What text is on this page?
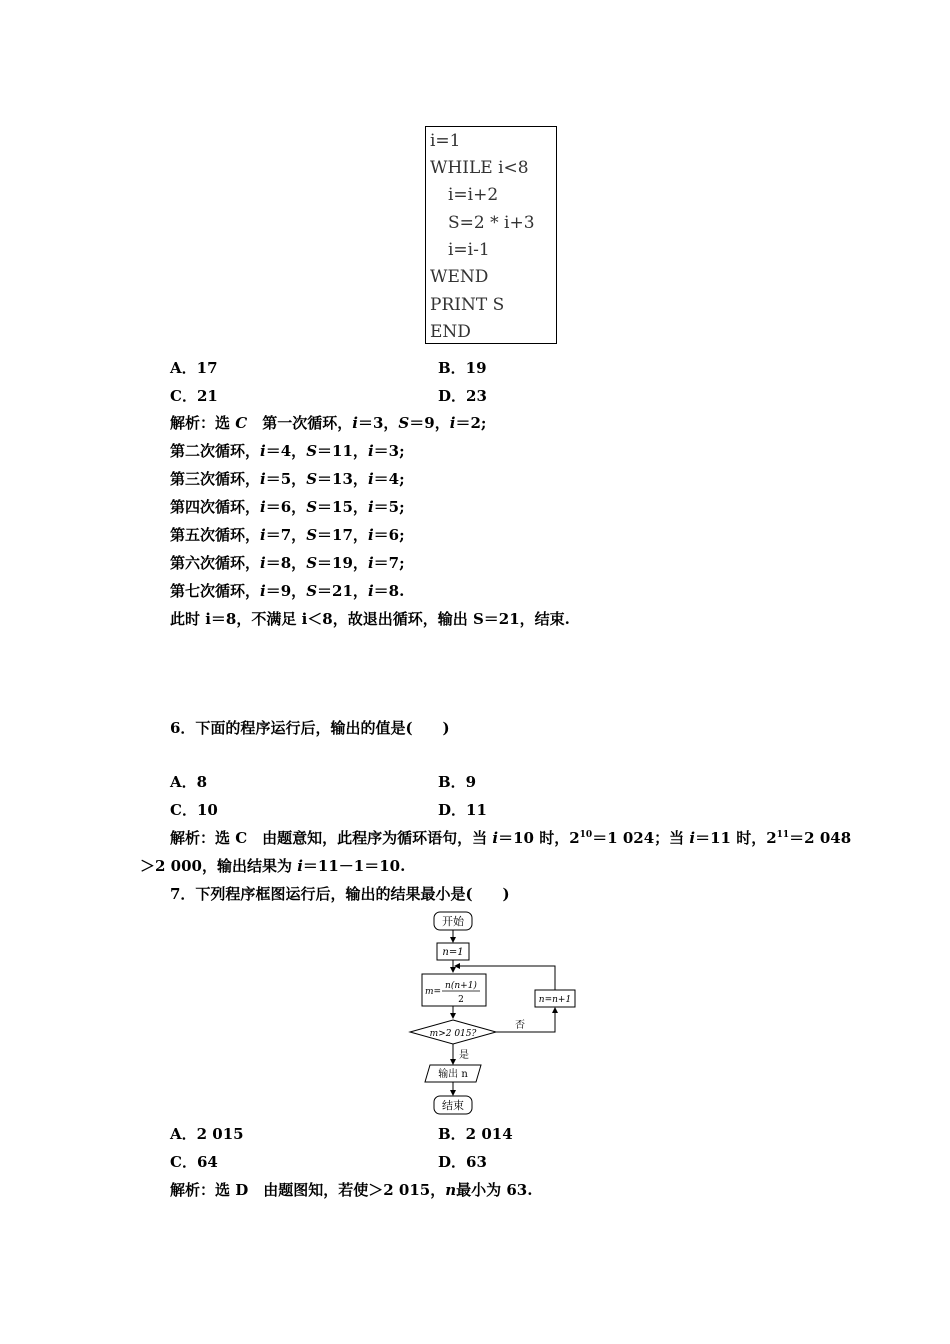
i=1
WHILE i<8
i=i+2
S=2 * i+3
i=i-1
WEND
PRINT S
END
A．17	B．19
C．21	D．23
解析：选 C　 第一次循环，i＝3，S＝9，i＝2;
第二次循环，i＝4，S＝11，i＝3;
第三次循环，i＝5，S＝13，i＝4;
第四次循环，i＝6，S＝15，i＝5;
第五次循环，i＝7，S＝17，i＝6;
第六次循环，i＝8，S＝19，i＝7;
第七次循环，i＝9，S＝21，i＝8.
此时 i＝8，不满足 i＜8，故退出循环，输出 S＝21，结束.
6．下面的程序运行后，输出的值是(　　)
A．8	B．9
C．10	D．11
解析：选 C　由题意知，此程序为循环语句，当 i＝10 时，$2^{10}=1$ 024；当 i＝11 时，$2^{11}=2$ 048
＞2 000，输出结果为 i＝11－1＝10.
7．下列程序框图运行后，输出的结果最小是(　　)
开始
n=1
m=
n(n+1)
2
m>2 015?
否
n=n+1
是
输出 n
结束
A．2 015	B．2 014
C．64	D．63
解析：选 D　由题图知，若使＞2 015，n最小为 63.
